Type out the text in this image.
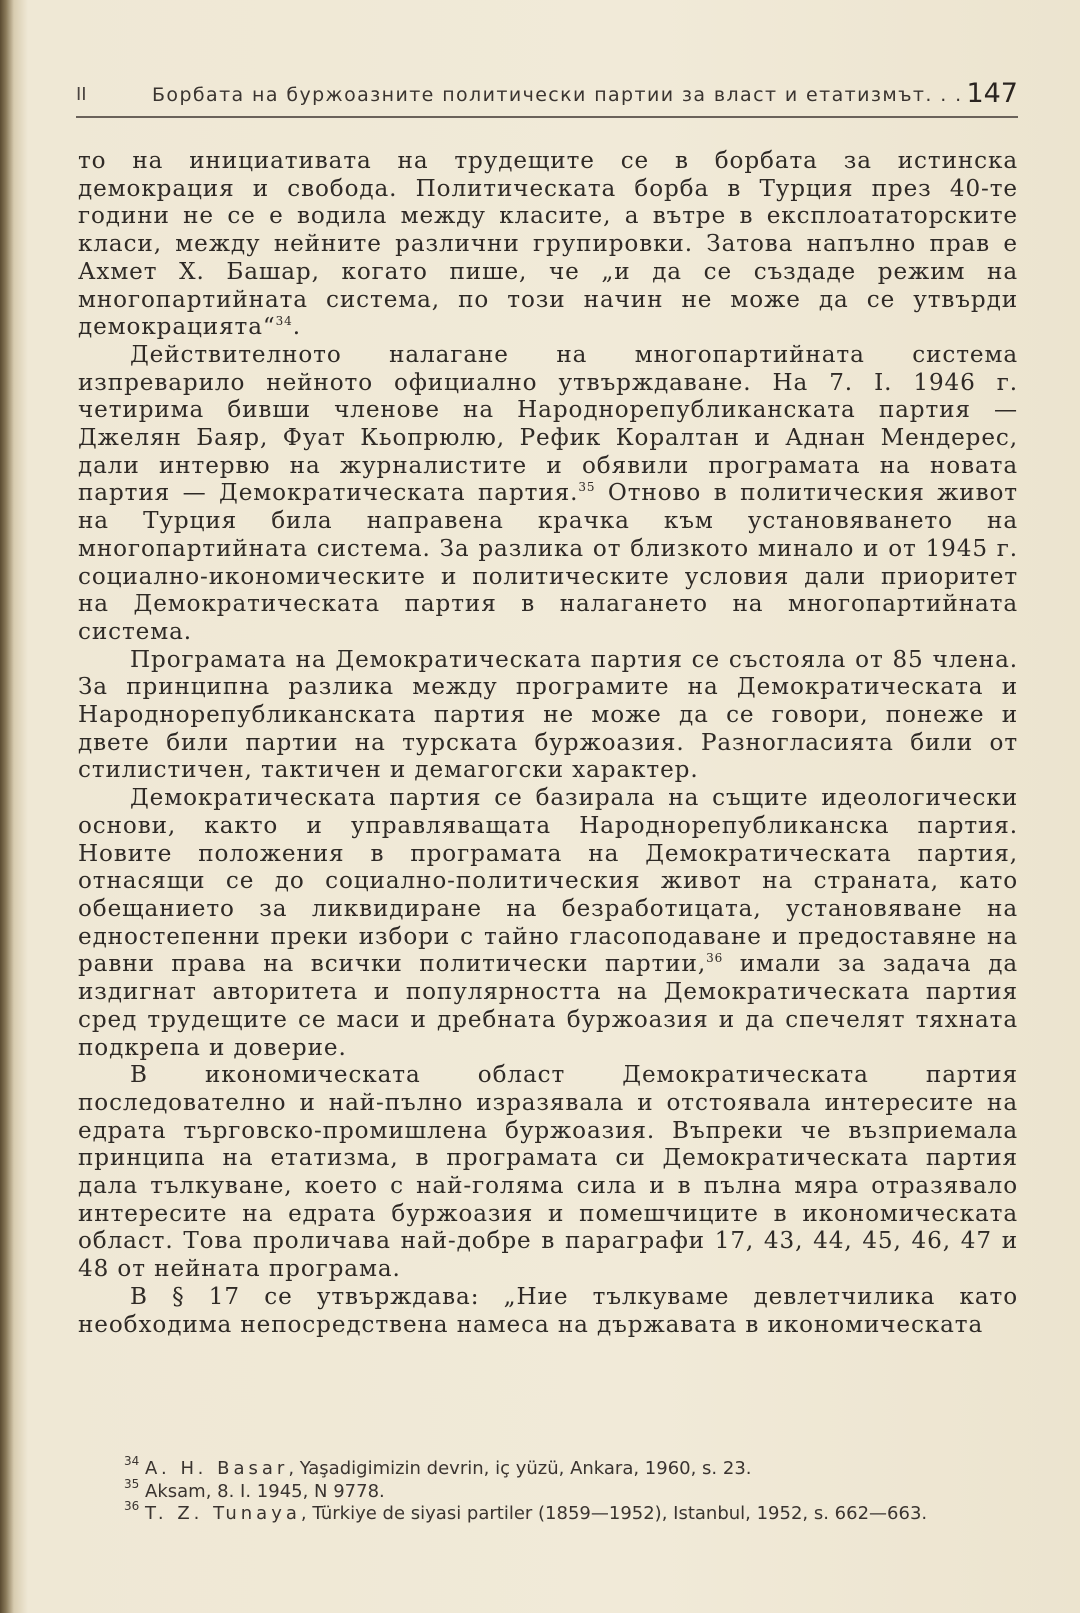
II	Борбата на буржоазните политически партии за власт и етатизмът. . . 147

то на инициативата на трудещите се в борбата за истинска демокрация и свобода. Политическата борба в Турция през 40-те години не се е водила между класите, а вътре в експлоататорските класи, между нейните различни групировки. Затова напълно прав е Ахмет Х. Башар, когато пише, че „и да се създаде режим на многопартийната система, по този начин не може да се утвърди демокрацията“$^{34}$.

Действителното налагане на многопартийната система изпреварило нейното официално утвърждаване. На 7. I. 1946 г. четирима бивши членове на Народнорепубликанската партия — Джелян Баяр, Фуат Кьопрюлю, Рефик Коралтан и Аднан Мендерес, дали интервю на журналистите и обявили програмата на новата партия — Демократическата партия.$^{35}$ Отново в политическия живот на Турция била направена крачка към установяването на многопартийната система. За разлика от близкото минало и от 1945 г. социално-икономическите и политическите условия дали приоритет на Демократическата партия в налагането на многопартийната система.

Програмата на Демократическата партия се състояла от 85 члена. За принципна разлика между програмите на Демократическата и Народнорепубликанската партия не може да се говори, понеже и двете били партии на турската буржоазия. Разногласията били от стилистичен, тактичен и демагогски характер.

Демократическата партия се базирала на същите идеологически основи, както и управляващата Народнорепубликанска партия. Новите положения в програмата на Демократическата партия, отнасящи се до социално-политическия живот на страната, като обещанието за ликвидиране на безработицата, установяване на едностепенни преки избори с тайно гласоподаване и предоставяне на равни права на всички политически партии,$^{36}$ имали за задача да издигнат авторитета и популярността на Демократическата партия сред трудещите се маси и дребната буржоазия и да спечелят тяхната подкрепа и доверие.

В икономическата област Демократическата партия последователно и най-пълно изразявала и отстоявала интересите на едрата търговско-промишлена буржоазия. Въпреки че възприемала принципа на етатизма, в програмата си Демократическата партия дала тълкуване, което с най-голяма сила и в пълна мяра отразявало интересите на едрата буржоазия и помешчиците в икономическата област. Това проличава най-добре в параграфи 17, 43, 44, 45, 46, 47 и 48 от нейната програма.

В § 17 се утвърждава: „Ние тълкуваме девлетчилика като необходима непосредствена намеса на държавата в икономическата

$^{34}$ A. H. Basar, Yaşadigimizin devrin, iç yüzü, Ankara, 1960, s. 23.

$^{35}$ Aksam, 8. I. 1945, N 9778.

$^{36}$ T. Z. Tunaya, Türkiye de siyasi partiler (1859—1952), Istanbul, 1952, s. 662—663.
